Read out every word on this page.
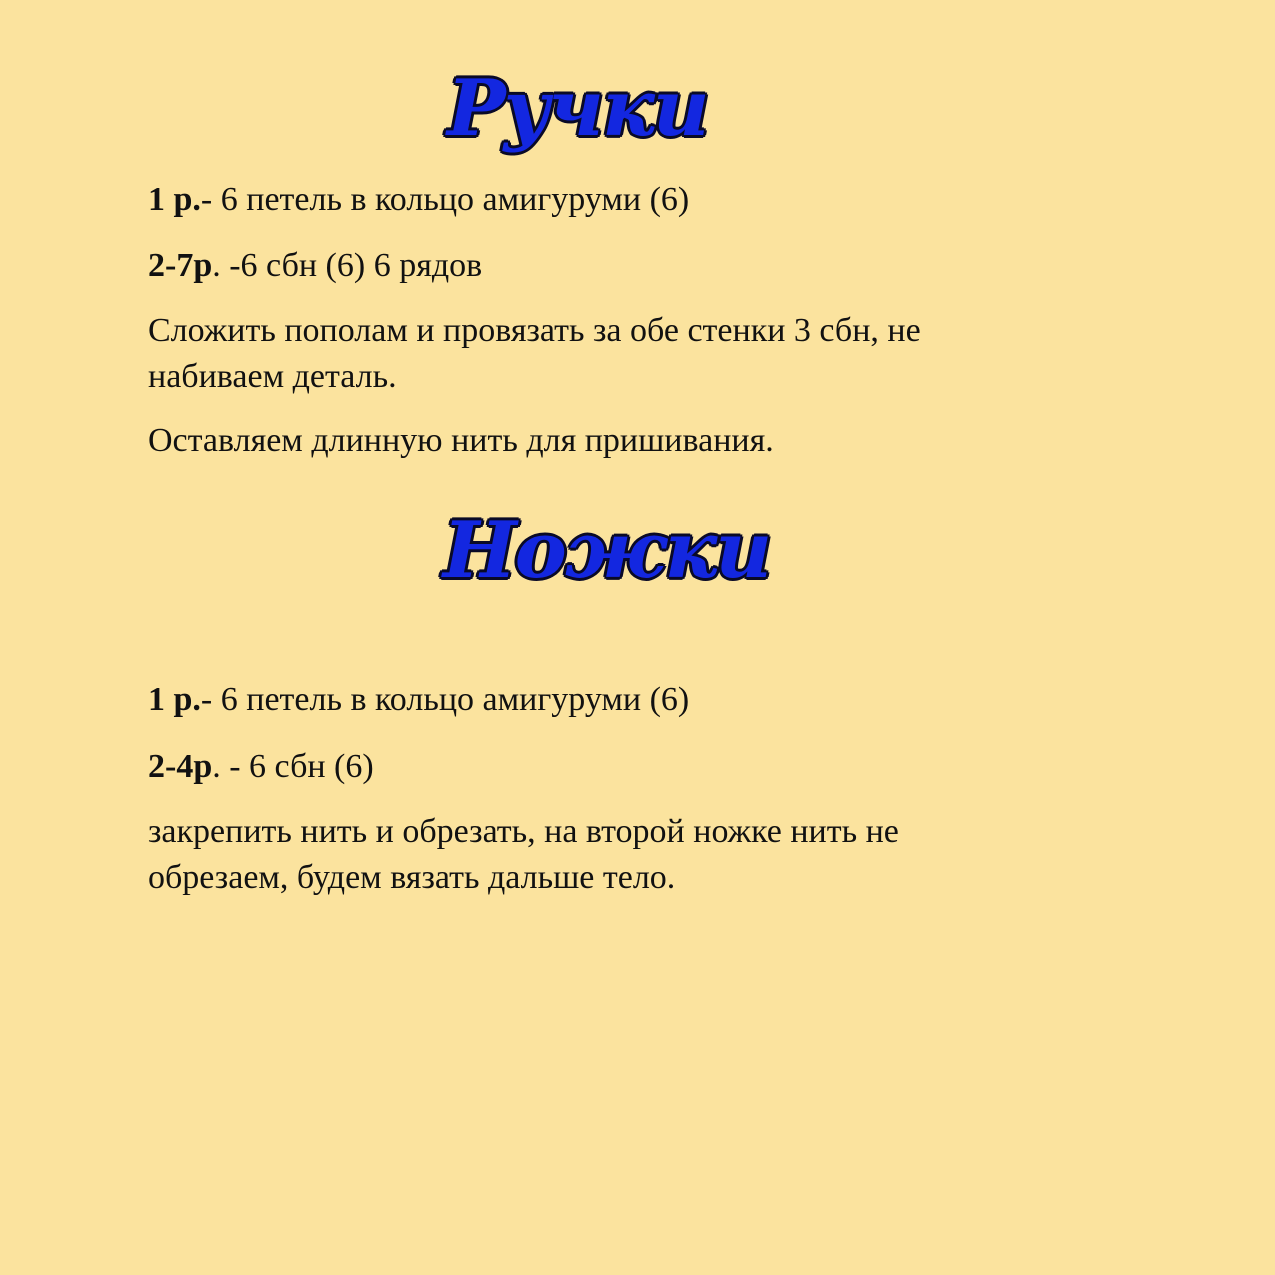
Ручки

1 р.- 6 петель в кольцо амигуруми (6)

2-7р. -6 сбн (6) 6 рядов

Сложить пополам и провязать за обе стенки 3 сбн, не набиваем деталь.

Оставляем длинную нить для пришивания.

Ножки

1 р.- 6 петель в кольцо амигуруми (6)

2-4р. - 6 сбн (6)

закрепить нить и обрезать, на второй ножке нить не обрезаем, будем вязать дальше тело.
